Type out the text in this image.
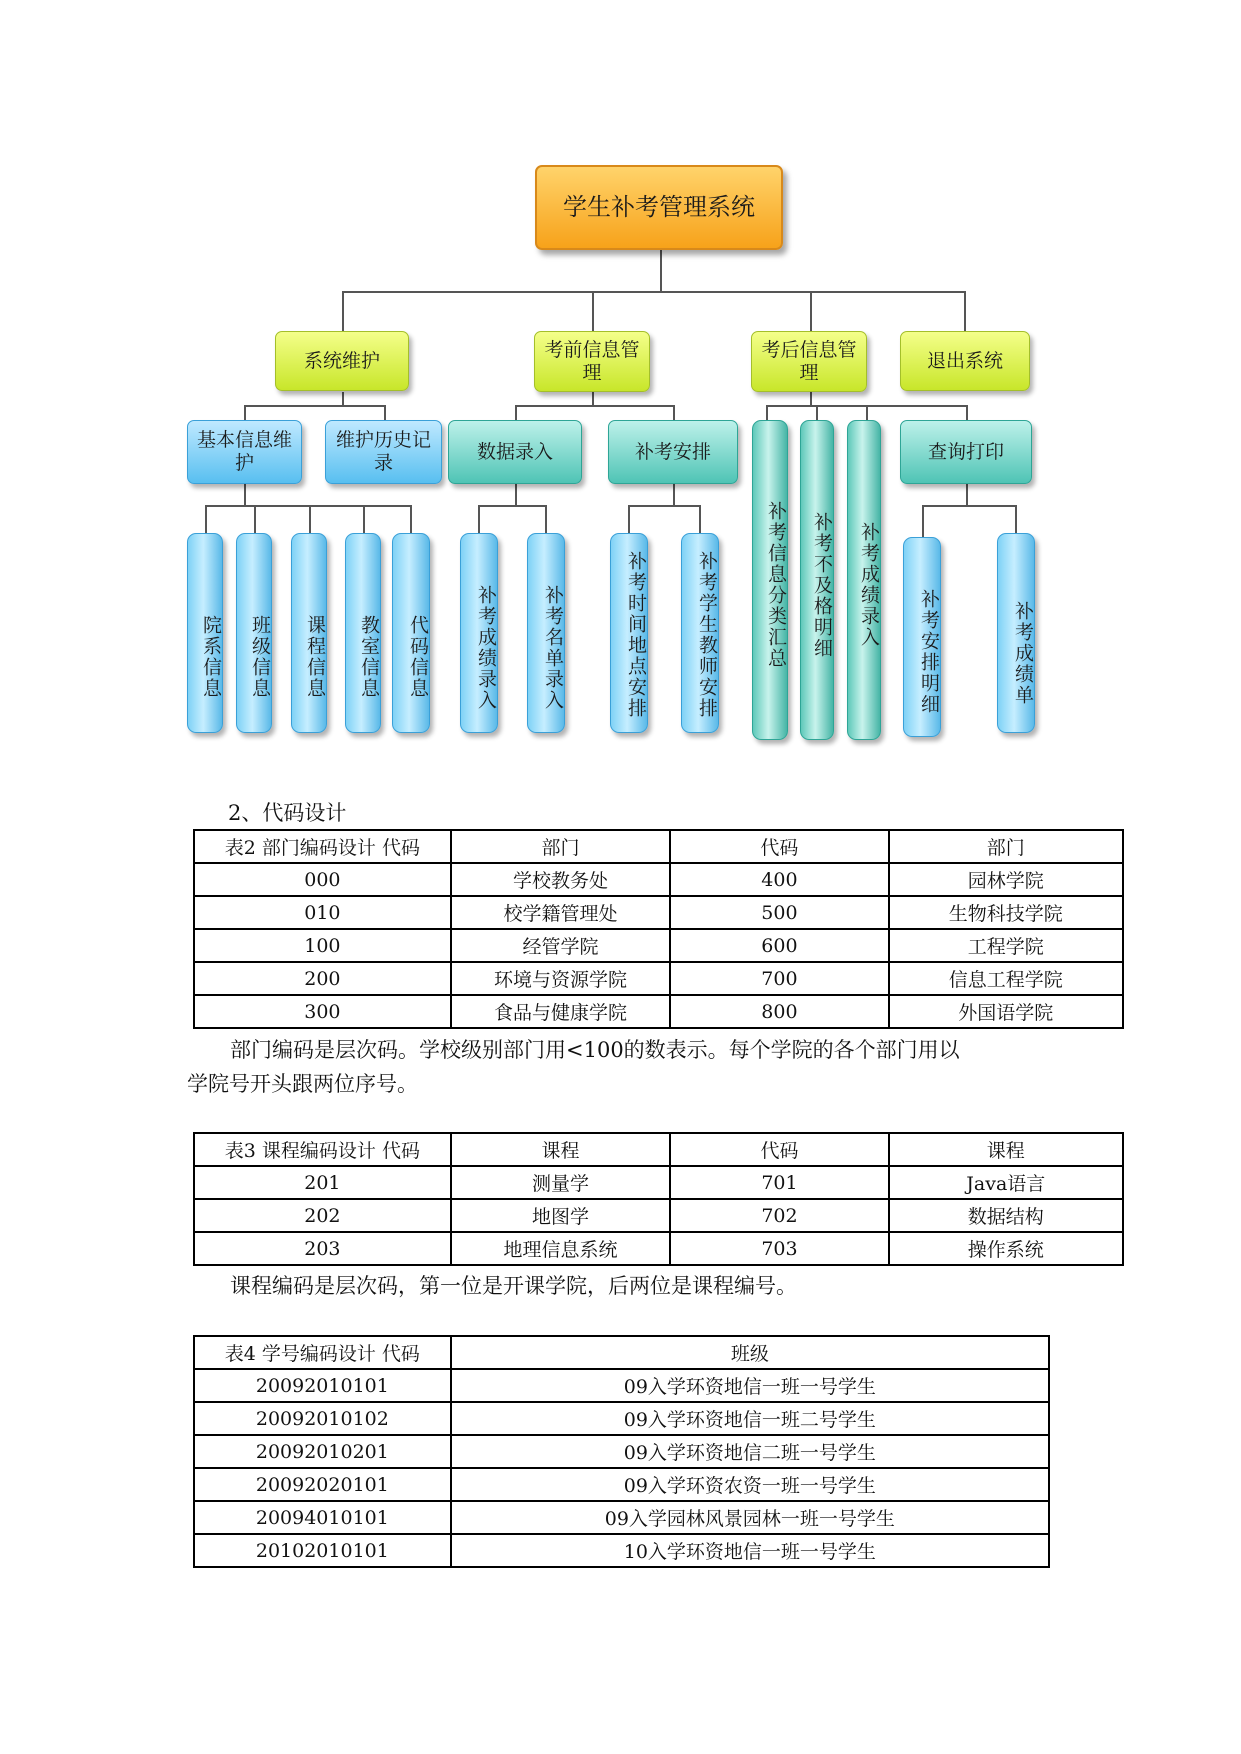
学生补考管理系统
系统维护	考前信息管理
考后信息管理
退出系统
基本信息维护
维护历史记录
数据录入	补考安排	查询打印
补考信息分类汇总	补考不及格明细	补考成绩录入
院系信息	班级信息	课程信息	教室信息	代码信息	补考成绩录入	补考名单录入	补考时间地点安排	补考学生教师安排	补考安排明细	补考成绩单

2、代码设计

表2 部门编码设计 代码	部门	代码	部门
000	学校教务处	400	园林学院
010	校学籍管理处	500	生物科技学院
100	经管学院	600	工程学院
200	环境与资源学院	700	信息工程学院
300	食品与健康学院	800	外国语学院

部门编码是层次码。学校级别部门用<100的数表示。每个学院的各个部门用以

学院号开头跟两位序号。

表3 课程编码设计 代码	课程	代码	课程
201	测量学	701	Java语言
202	地图学	702	数据结构
203	地理信息系统	703	操作系统

课程编码是层次码，第一位是开课学院，后两位是课程编号。

表4 学号编码设计 代码	班级
20092010101	09入学环资地信一班一号学生
20092010102	09入学环资地信一班二号学生
20092010201	09入学环资地信二班一号学生
20092020101	09入学环资农资一班一号学生
20094010101	09入学园林风景园林一班一号学生
20102010101	10入学环资地信一班一号学生
